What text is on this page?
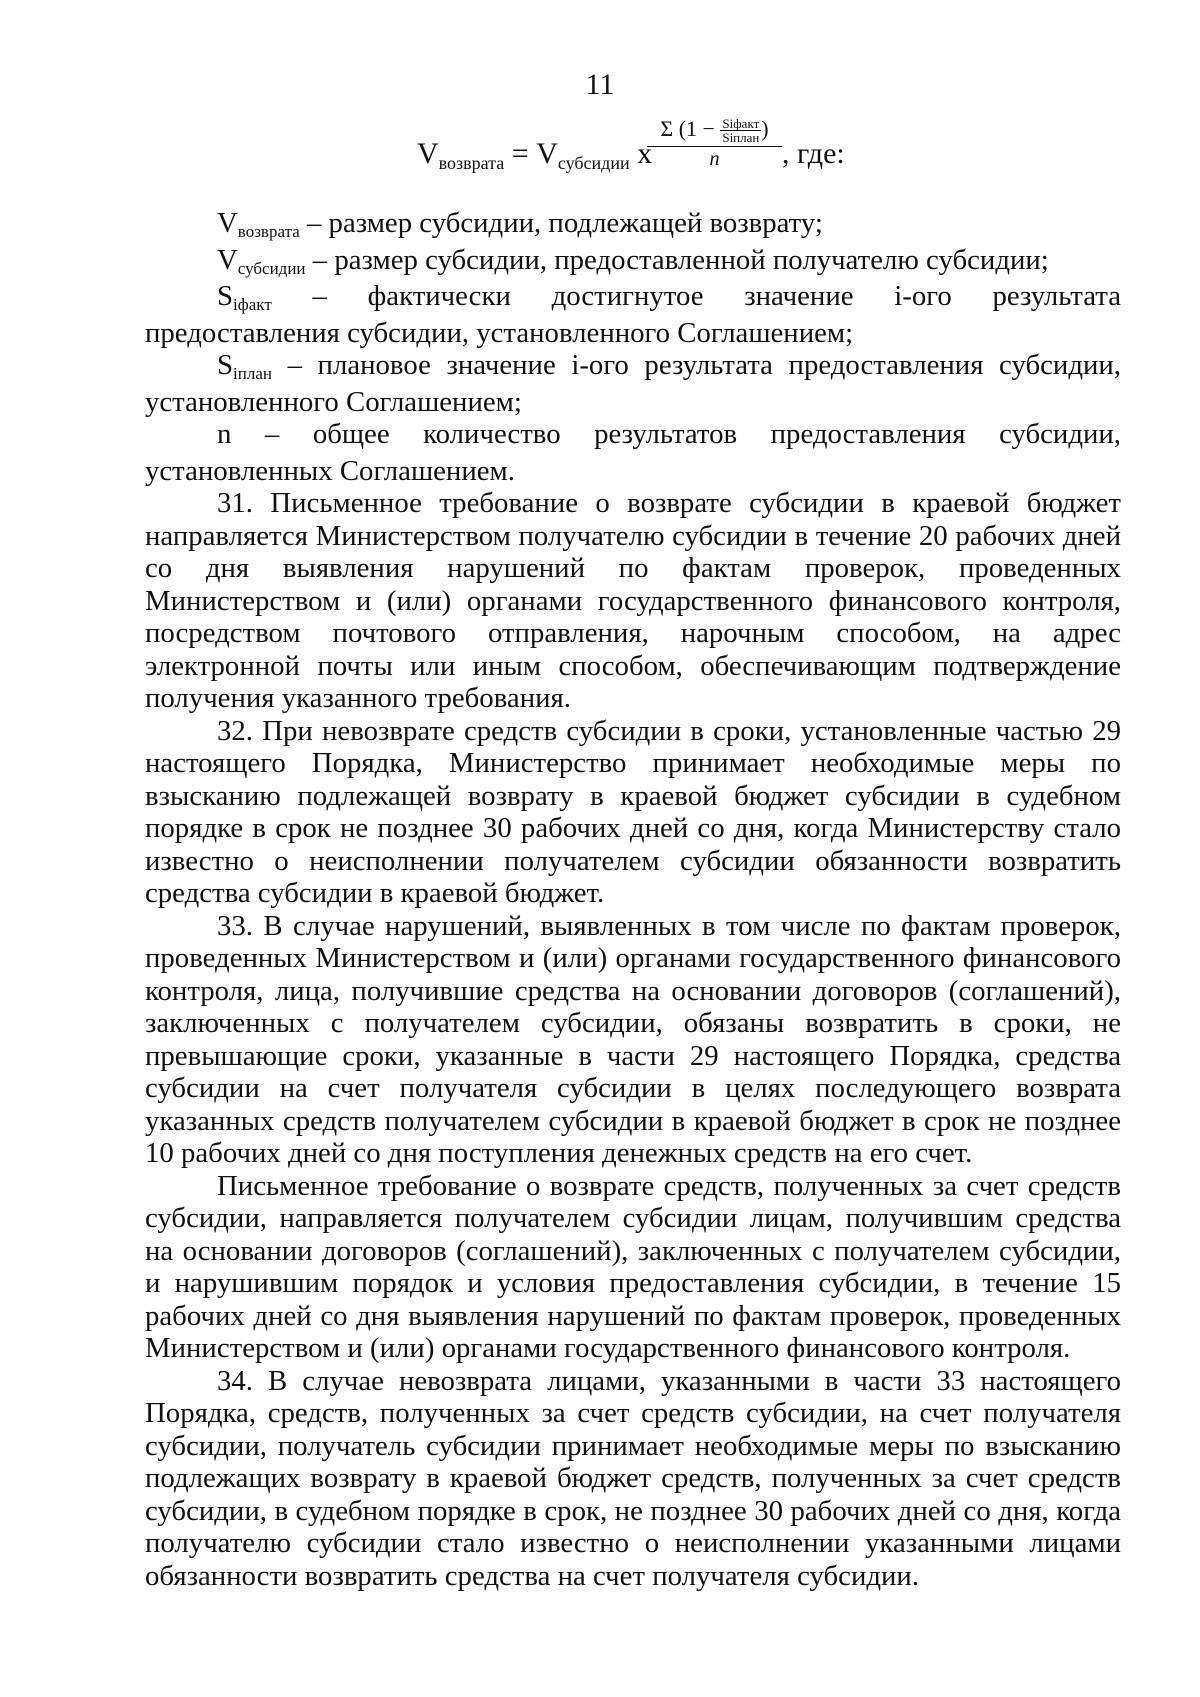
11
$V_{возврата} = V_{субсидии}$ x
Σ (1 − Siфакт
Siплан )
n	, где:

Vвозврата – размер субсидии, подлежащей возврату;

Vсубсидии – размер субсидии, предоставленной получателю субсидии;

Siфакт – фактически достигнутое значение i-ого результата предоставления субсидии, установленного Соглашением;

Siплан – плановое значение i-ого результата предоставления субсидии, установленного Соглашением;

n – общее количество результатов предоставления субсидии, установленных Соглашением.

31. Письменное требование о возврате субсидии в краевой бюджет направляется Министерством получателю субсидии в течение 20 рабочих дней со дня выявления нарушений по фактам проверок, проведенных Министерством и (или) органами государственного финансового контроля, посредством почтового отправления, нарочным способом, на адрес электронной почты или иным способом, обеспечивающим подтверждение получения указанного требования.

32. При невозврате средств субсидии в сроки, установленные частью 29 настоящего Порядка, Министерство принимает необходимые меры по взысканию подлежащей возврату в краевой бюджет субсидии в судебном порядке в срок не позднее 30 рабочих дней со дня, когда Министерству стало известно о неисполнении получателем субсидии обязанности возвратить средства субсидии в краевой бюджет.

33. В случае нарушений, выявленных в том числе по фактам проверок, проведенных Министерством и (или) органами государственного финансового контроля, лица, получившие средства на основании договоров (соглашений), заключенных с получателем субсидии, обязаны возвратить в сроки, не превышающие сроки, указанные в части 29 настоящего Порядка, средства субсидии на счет получателя субсидии в целях последующего возврата указанных средств получателем субсидии в краевой бюджет в срок не позднее 10 рабочих дней со дня поступления денежных средств на его счет.

Письменное требование о возврате средств, полученных за счет средств субсидии, направляется получателем субсидии лицам, получившим средства на основании договоров (соглашений), заключенных с получателем субсидии, и нарушившим порядок и условия предоставления субсидии, в течение 15 рабочих дней со дня выявления нарушений по фактам проверок, проведенных Министерством и (или) органами государственного финансового контроля.

34. В случае невозврата лицами, указанными в части 33 настоящего Порядка, средств, полученных за счет средств субсидии, на счет получателя субсидии, получатель субсидии принимает необходимые меры по взысканию подлежащих возврату в краевой бюджет средств, полученных за счет средств субсидии, в судебном порядке в срок, не позднее 30 рабочих дней со дня, когда получателю субсидии стало известно о неисполнении указанными лицами обязанности возвратить средства на счет получателя субсидии.
